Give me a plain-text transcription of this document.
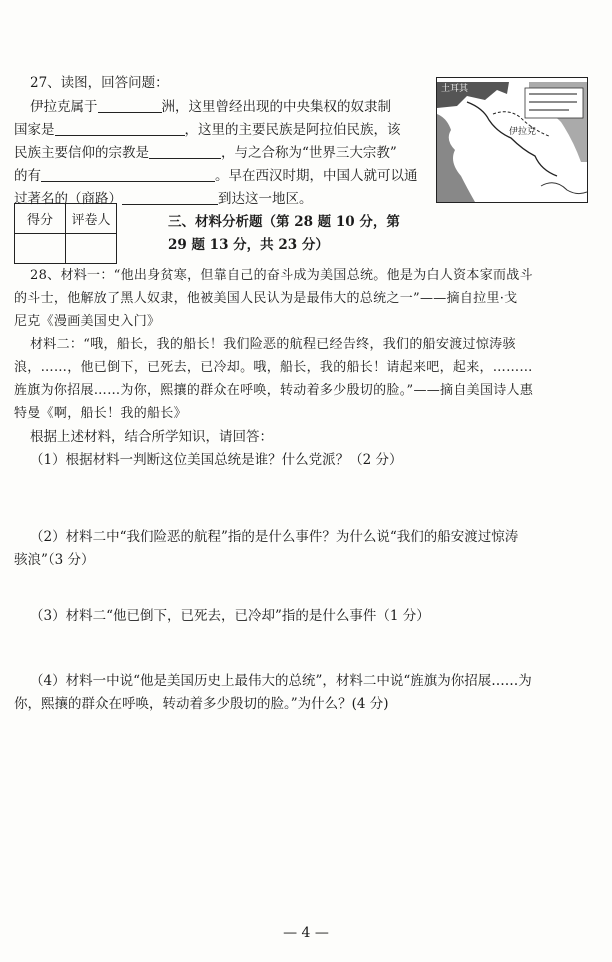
27、读图，回答问题：
伊拉克属于	洲，这里曾经出现的中央集权的奴隶制
国家是	，这里的主要民族是阿拉伯民族，该
民族主要信仰的宗教是	，与之合称为“世界三大宗教”
的有	。早在西汉时期，中国人就可以通
过著名的（商路）	到达这一地区。
土耳其
伊拉克
得分	评卷人
		三、材料分析题（第 28 题 10 分，第
29 题 13 分，共 23 分）
28、材料一：“他出身贫寒，但靠自己的奋斗成为美国总统。他是为白人资本家而战斗
的斗士，他解放了黑人奴隶，他被美国人民认为是最伟大的总统之一”——摘自拉里·戈
尼克《漫画美国史入门》
材料二：“哦，船长，我的船长！我们险恶的航程已经告终，我们的船安渡过惊涛骇
浪，……，他已倒下，已死去，已冷却。哦，船长，我的船长！请起来吧，起来，………
旌旗为你招展……为你，熙攘的群众在呼唤，转动着多少殷切的脸。”——摘自美国诗人惠
特曼《啊，船长！我的船长》
根据上述材料，结合所学知识，请回答：
（1）根据材料一判断这位美国总统是谁？什么党派？（2 分）
（2）材料二中“我们险恶的航程”指的是什么事件？为什么说“我们的船安渡过惊涛
骇浪”（3 分）
（3）材料二“他已倒下，已死去，已冷却”指的是什么事件（1 分）
（4）材料一中说“他是美国历史上最伟大的总统”，材料二中说“旌旗为你招展……为
你，熙攘的群众在呼唤，转动着多少殷切的脸。”为什么？(4 分)
— 4 —
